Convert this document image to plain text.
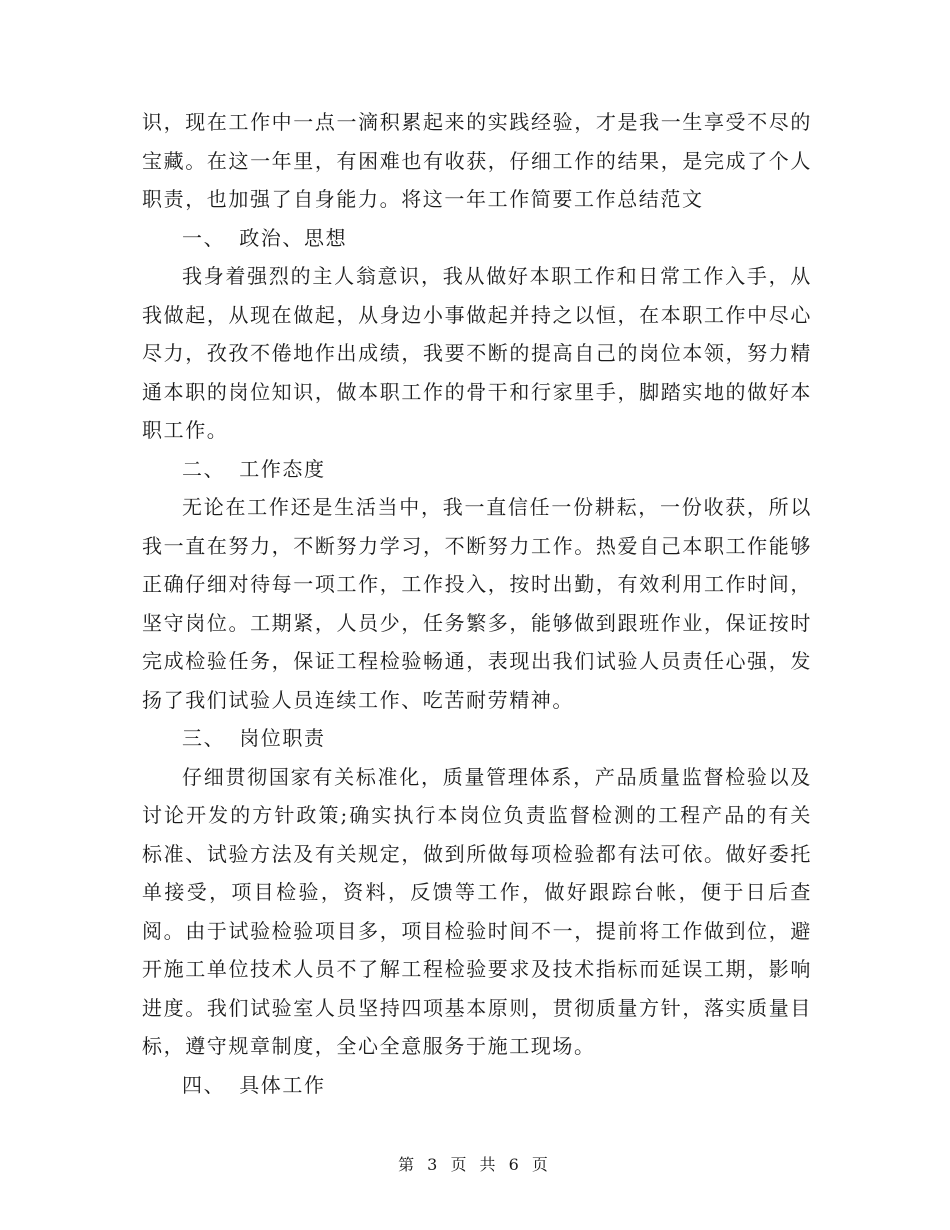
识，现在工作中一点一滴积累起来的实践经验，才是我一生享受不尽的宝藏。在这一年里，有困难也有收获，仔细工作的结果，是完成了个人职责，也加强了自身能力。将这一年工作简要工作总结范文

一、 政治、思想

我身着强烈的主人翁意识，我从做好本职工作和日常工作入手，从我做起，从现在做起，从身边小事做起并持之以恒，在本职工作中尽心尽力，孜孜不倦地作出成绩，我要不断的提高自己的岗位本领，努力精通本职的岗位知识，做本职工作的骨干和行家里手，脚踏实地的做好本职工作。

二、 工作态度

无论在工作还是生活当中，我一直信任一份耕耘，一份收获，所以我一直在努力，不断努力学习，不断努力工作。热爱自己本职工作能够正确仔细对待每一项工作，工作投入，按时出勤，有效利用工作时间，坚守岗位。工期紧，人员少，任务繁多，能够做到跟班作业，保证按时完成检验任务，保证工程检验畅通，表现出我们试验人员责任心强，发扬了我们试验人员连续工作、吃苦耐劳精神。

三、 岗位职责

仔细贯彻国家有关标准化，质量管理体系，产品质量监督检验以及讨论开发的方针政策;确实执行本岗位负责监督检测的工程产品的有关标准、试验方法及有关规定，做到所做每项检验都有法可依。做好委托单接受，项目检验，资料，反馈等工作，做好跟踪台帐，便于日后查阅。由于试验检验项目多，项目检验时间不一，提前将工作做到位，避开施工单位技术人员不了解工程检验要求及技术指标而延误工期，影响进度。我们试验室人员坚持四项基本原则，贯彻质量方针，落实质量目标，遵守规章制度，全心全意服务于施工现场。

四、 具体工作

第 3 页 共 6 页
